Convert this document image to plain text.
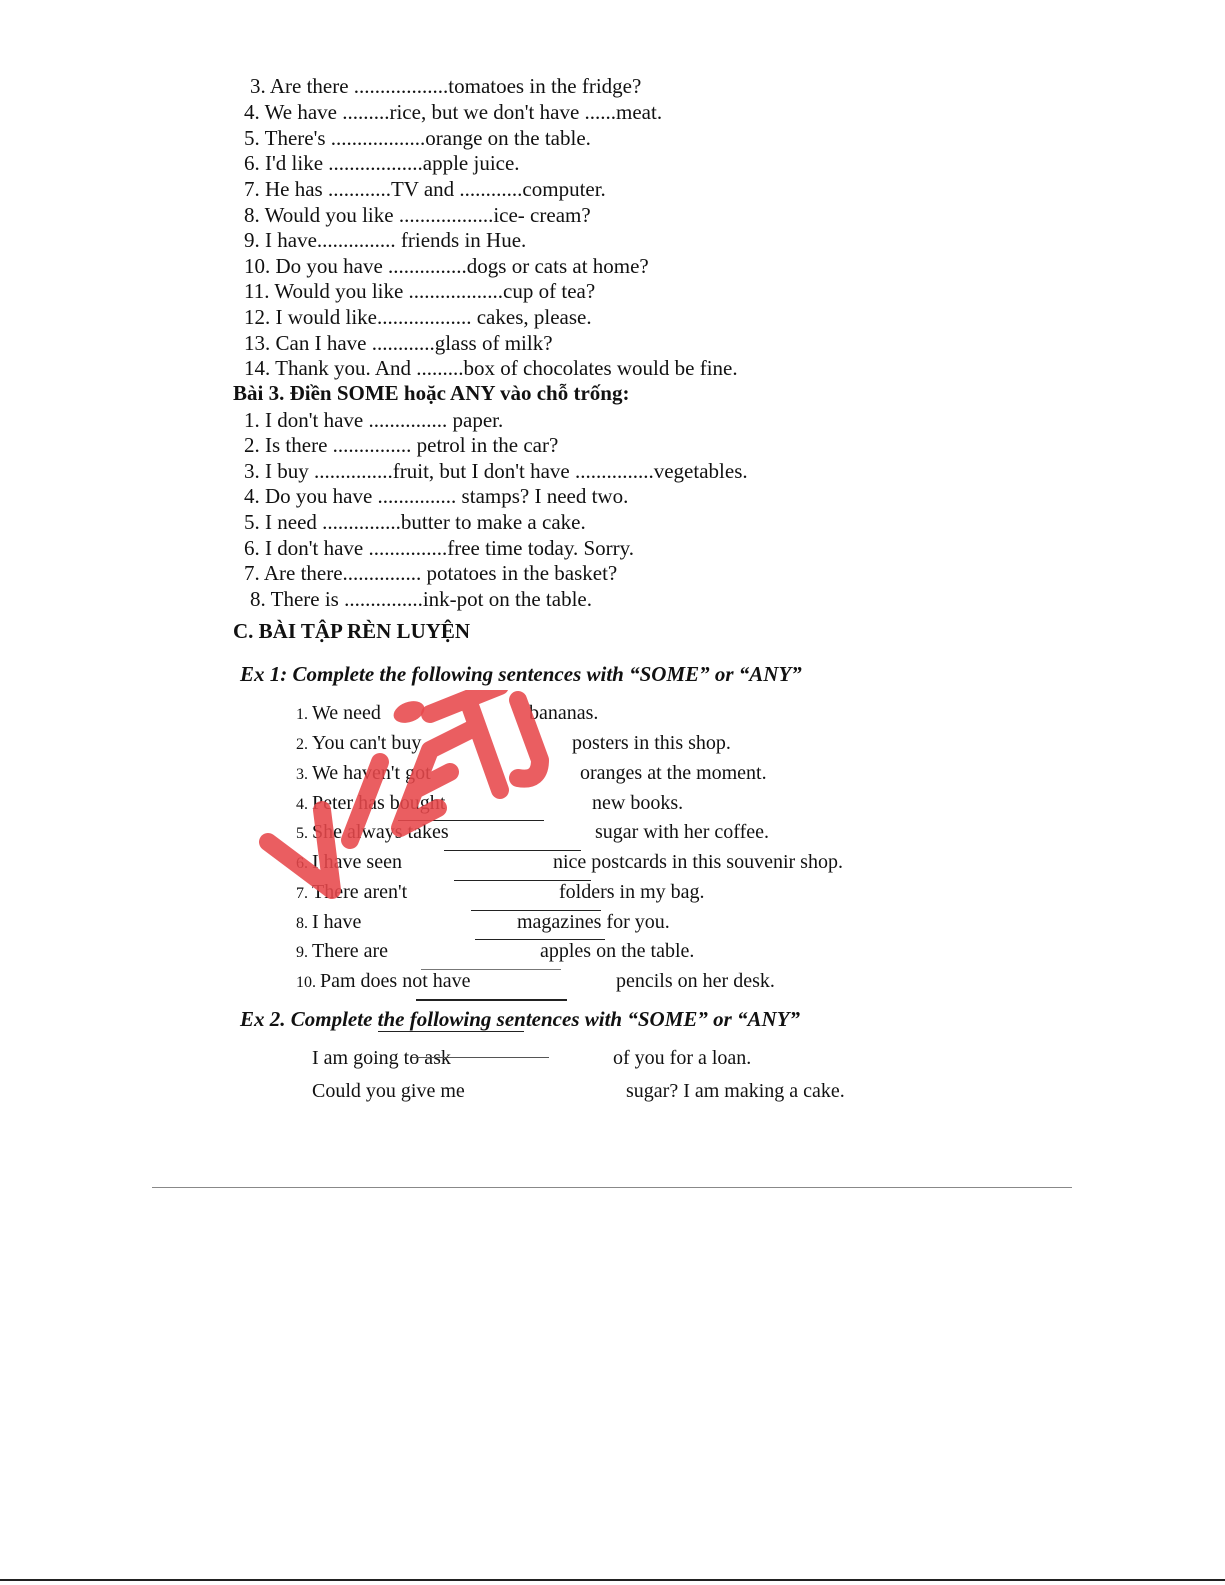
3. Are there ..................tomatoes in the fridge?
4. We have .........rice, but we don't have ......meat.
5. There's ..................orange on the table.
6. I'd like ..................apple juice.
7. He has ............TV and ............computer.
8. Would you like ..................ice- cream?
9. I have............... friends in Hue.
10. Do you have ...............dogs or cats at home?
11. Would you like ..................cup of tea?
12. I would like.................. cakes, please.
13. Can I have ............glass of milk?
14. Thank you. And .........box of chocolates would be fine.
Bài 3. Điền SOME hoặc ANY vào chỗ trống:
1. I don't have ............... paper.
2. Is there ............... petrol in the car?
3. I buy ...............fruit, but I don't have ...............vegetables.
4. Do you have ............... stamps? I need two.
5. I need ...............butter to make a cake.
6. I don't have ...............free time today. Sorry.
7. Are there............... potatoes in the basket?
8. There is ...............ink-pot on the table.
C. BÀI TẬP RÈN LUYỆN
Ex 1: Complete the following sentences with “SOME” or “ANY”
1. We need	bananas.
2. You can't buy	posters in this shop.
3. We haven't got	oranges at the moment.
4. Peter has bought	new books.
5. She always takes	sugar with her coffee.
6. I have seen	nice postcards in this souvenir shop.
7. There aren't	folders in my bag.
8. I have	magazines for you.
9. There are	apples on the table.
10. Pam does not have	pencils on her desk.
Ex 2. Complete the following sentences with “SOME” or “ANY”
I am going to ask	of you for a loan.
Could you give me	sugar? I am making a cake.
